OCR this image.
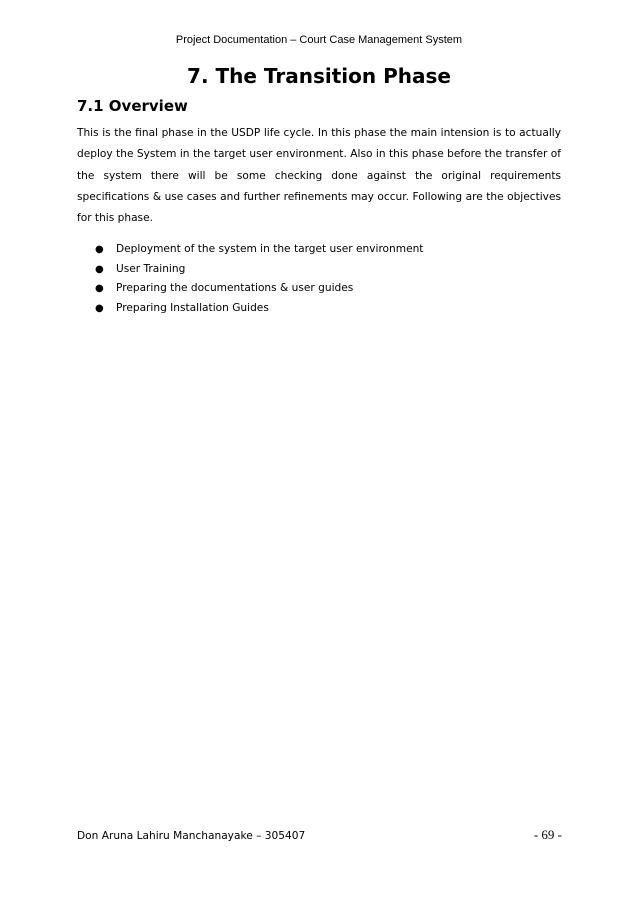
Project Documentation – Court Case Management System
7. The Transition Phase
7.1 Overview

This is the final phase in the USDP life cycle. In this phase the main intension is to actually deploy the System in the target user environment. Also in this phase before the transfer of the system there will be some checking done against the original requirements specifications & use cases and further refinements may occur. Following are the objectives for this phase.

● Deployment of the system in the target user environment
● User Training
● Preparing the documentations & user guides
● Preparing Installation Guides
Don Aruna Lahiru Manchanayake – 305407	- 69 -
